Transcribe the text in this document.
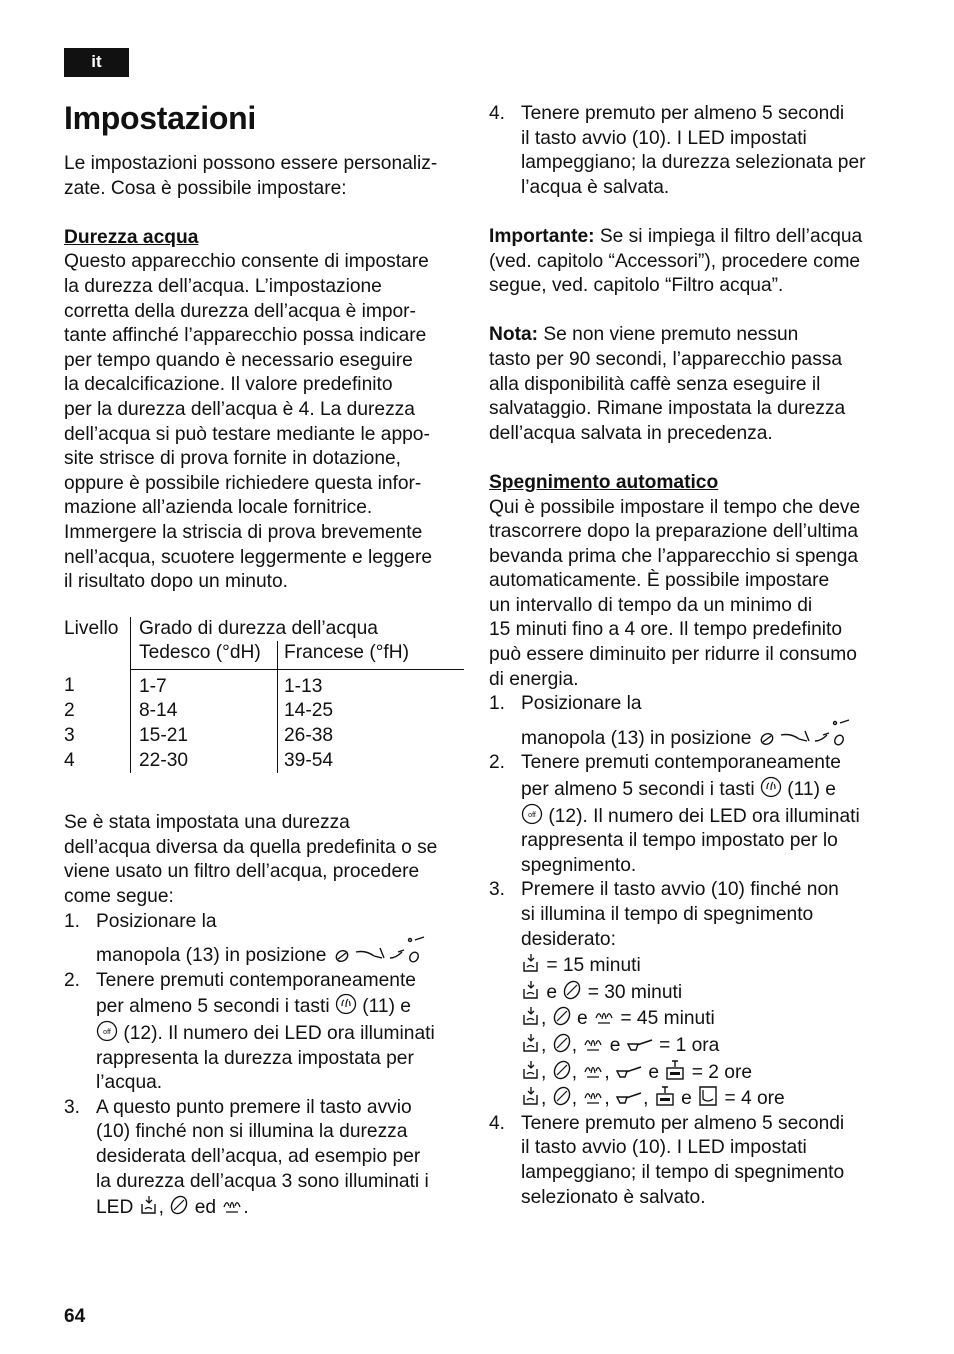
it
Impostazioni

Le impostazioni possono essere personaliz-
zate. Cosa è possibile impostare:

Durezza acqua

Questo apparecchio consente di impostare
la durezza dell’acqua. L’impostazione
corretta della durezza dell’acqua è impor-
tante affinché l’apparecchio possa indicare
per tempo quando è necessario eseguire
la decalcificazione. Il valore predefinito
per la durezza dell’acqua è 4. La durezza
dell’acqua si può testare mediante le appo-
site strisce di prova fornite in dotazione,
oppure è possibile richiedere questa infor-
mazione all’azienda locale fornitrice.
Immergere la striscia di prova brevemente
nell’acqua, scuotere leggermente e leggere
il risultato dopo un minuto.

Livello	Grado di durezza dell’acqua	
	Tedesco (°dH)	Francese (°fH)
1	1-7	1-13
2	8-14	14-25
3	15-21	26-38
4	22-30	39-54

Se è stata impostata una durezza
dell’acqua diversa da quella predefinita o se
viene usato un filtro dell’acqua, procedere
come segue:

1. Posizionare la
manopola (13) in posizione
2. Tenere premuti contemporaneamente
per almeno 5 secondi i tasti (11) e

off (12). Il numero dei LED ora illuminati
rappresenta la durezza impostata per
l’acqua.
3. A questo punto premere il tasto avvio
(10) finché non si illumina la durezza
desiderata dell’acqua, ad esempio per
la durezza dell’acqua 3 sono illuminati i
LED , ed .
4. Tenere premuto per almeno 5 secondi
il tasto avvio (10). I LED impostati
lampeggiano; la durezza selezionata per
l’acqua è salvata.

Importante: Se si impiega il filtro dell’acqua
(ved. capitolo “Accessori”), procedere come
segue, ved. capitolo “Filtro acqua”.

Nota: Se non viene premuto nessun
tasto per 90 secondi, l’apparecchio passa
alla disponibilità caffè senza eseguire il
salvataggio. Rimane impostata la durezza
dell’acqua salvata in precedenza.

Spegnimento automatico

Qui è possibile impostare il tempo che deve
trascorrere dopo la preparazione dell’ultima
bevanda prima che l’apparecchio si spenga
automaticamente. È possibile impostare
un intervallo di tempo da un minimo di
15 minuti fino a 4 ore. Il tempo predefinito
può essere diminuito per ridurre il consumo
di energia.

1. Posizionare la
manopola (13) in posizione
2. Tenere premuti contemporaneamente
per almeno 5 secondi i tasti (11) e

off (12). Il numero dei LED ora illuminati
rappresenta il tempo impostato per lo
spegnimento.
3. Premere il tasto avvio (10) finché non
si illumina il tempo di spegnimento
desiderato:

= 15 minuti

e = 30 minuti

, e = 45 minuti

, , e = 1 ora

, , , e = 2 ore

, , , , e = 4 ore
4. Tenere premuto per almeno 5 secondi
il tasto avvio (10). I LED impostati
lampeggiano; il tempo di spegnimento
selezionato è salvato.
64
